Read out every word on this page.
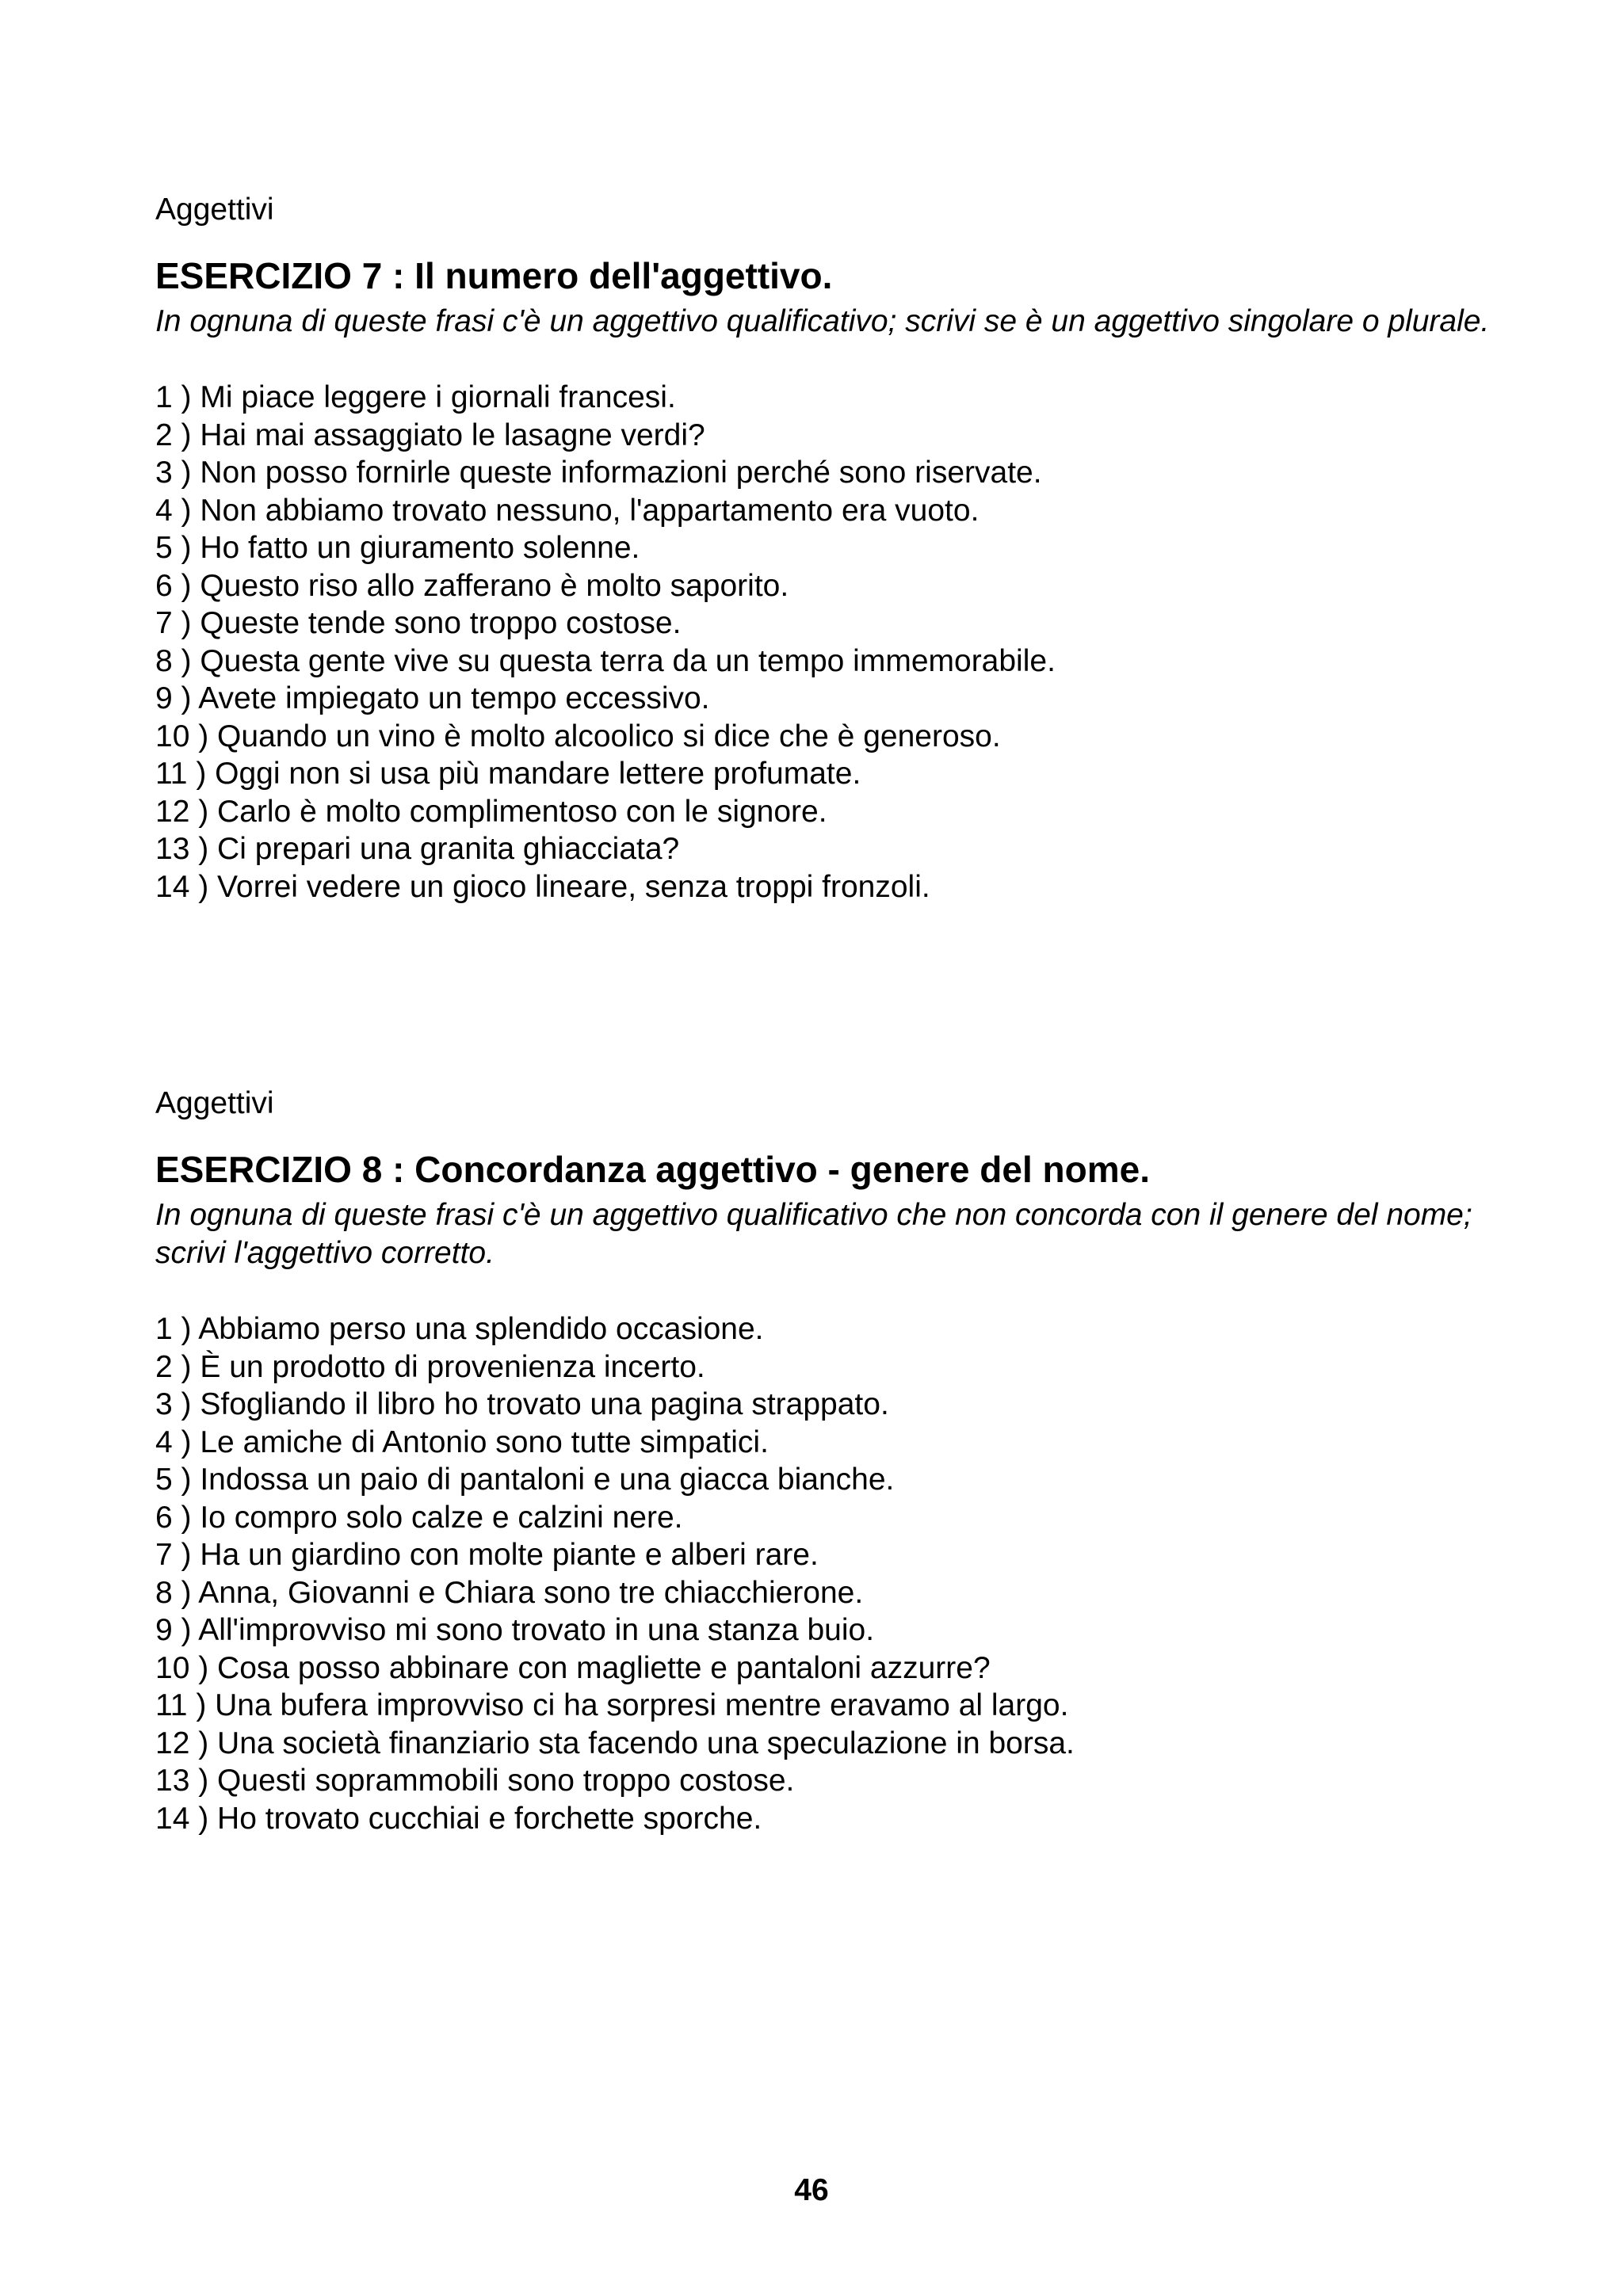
Aggettivi

ESERCIZIO 7 : Il numero dell'aggettivo.

In ognuna di queste frasi c'è un aggettivo qualificativo; scrivi se è un aggettivo singolare o plurale.

1 ) Mi piace leggere i giornali francesi.
2 ) Hai mai assaggiato le lasagne verdi?
3 ) Non posso fornirle queste informazioni perché sono riservate.
4 ) Non abbiamo trovato nessuno, l'appartamento era vuoto.
5 ) Ho fatto un giuramento solenne.
6 ) Questo riso allo zafferano è molto saporito.
7 ) Queste tende sono troppo costose.
8 ) Questa gente vive su questa terra da un tempo immemorabile.
9 ) Avete impiegato un tempo eccessivo.
10 ) Quando un vino è molto alcoolico si dice che è generoso.
11 ) Oggi non si usa più mandare lettere profumate.
12 ) Carlo è molto complimentoso con le signore.
13 ) Ci prepari una granita ghiacciata?
14 ) Vorrei vedere un gioco lineare, senza troppi fronzoli.

Aggettivi

ESERCIZIO 8 : Concordanza aggettivo - genere del nome.

In ognuna di queste frasi c'è un aggettivo qualificativo che non concorda con il genere del nome; scrivi l'aggettivo corretto.

1 ) Abbiamo perso una splendido occasione.
2 ) È un prodotto di provenienza incerto.
3 ) Sfogliando il libro ho trovato una pagina strappato.
4 ) Le amiche di Antonio sono tutte simpatici.
5 ) Indossa un paio di pantaloni e una giacca bianche.
6 ) Io compro solo calze e calzini nere.
7 ) Ha un giardino con molte piante e alberi rare.
8 ) Anna, Giovanni e Chiara sono tre chiacchierone.
9 ) All'improvviso mi sono trovato in una stanza buio.
10 ) Cosa posso abbinare con magliette e pantaloni azzurre?
11 ) Una bufera improvviso ci ha sorpresi mentre eravamo al largo.
12 ) Una società finanziario sta facendo una speculazione in borsa.
13 ) Questi soprammobili sono troppo costose.
14 ) Ho trovato cucchiai e forchette sporche.
46
